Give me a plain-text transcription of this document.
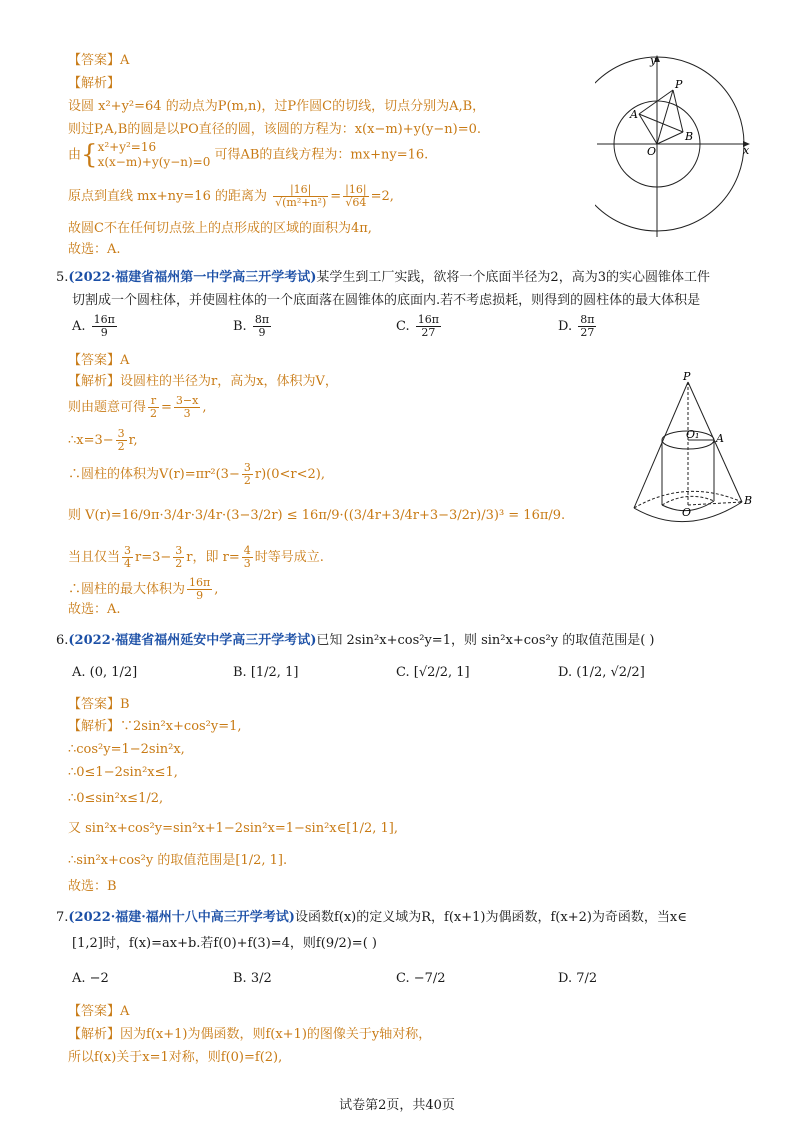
【答案】A
【解析】
设圆 x²+y²=64 的动点为P(m,n)，过P作圆C的切线，切点分别为A,B，
则过P,A,B的圆是以PO直径的圆，该圆的方程为：x(x−m)+y(y−n)=0.
由{ x²+y²=16
x(x−m)+y(y−n)=0 可得AB的直线方程为：mx+ny=16.
原点到直线 mx+ny=16 的距离为 $\frac{|16|}{\text{√(m²+n²)}} = \frac{|16|}{√64} =2$,
故圆C不在任何切点弦上的点形成的区域的面积为4π,
故选：A.
y
x
P
A
B
O
5.(2022·福建省福州第一中学高三开学考试)某学生到工厂实践，欲将一个底面半径为2，高为3的实心圆锥体工件
切割成一个圆柱体，并使圆柱体的一个底面落在圆锥体的底面内.若不考虑损耗，则得到的圆柱体的最大体积是
A. $\frac{16\pi}{9}$	B. $\frac{8\pi}{9}$	C. $\frac{16\pi}{27}$	D. $\frac{8\pi}{27}$
【答案】A
【解析】设圆柱的半径为r，高为x，体积为V，
则由题意可得 $\frac{r}{2} = \frac{3-x}{3}$ ,
∴x=3− $\frac{3}{2} r$,
∴圆柱的体积为$V(r)=\pi r^2(3- \frac{3}{2} r)(0<r<2)$,
则 V(r)=16/9π·3/4r·3/4r·(3−3/2r) ≤ 16π/9·((3/4r+3/4r+3−3/2r)/3)³ = 16π/9.
当且仅当 $\frac{3}{4} r=3- \frac{3}{2}$ r，即 $r= \frac{4}{3}$ 时等号成立.
∴圆柱的最大体积为 $\frac{16\pi}{9}$ ,
故选：A.
P
O₁ A
O
B
6.(2022·福建省福州延安中学高三开学考试)已知 2sin²x+cos²y=1，则 sin²x+cos²y 的取值范围是( )
A. (0, 1/2]	B. [1/2, 1]	C. [√2/2, 1]	D. (1/2, √2/2]
【答案】B
【解析】∵2sin²x+cos²y=1,
∴cos²y=1−2sin²x,
∴0≤1−2sin²x≤1,
∴0≤sin²x≤1/2,
又 sin²x+cos²y=sin²x+1−2sin²x=1−sin²x∈[1/2, 1],
∴sin²x+cos²y 的取值范围是[1/2, 1].
故选：B
7.(2022·福建·福州十八中高三开学考试)设函数f(x)的定义域为R，f(x+1)为偶函数，f(x+2)为奇函数，当x∈
[1,2]时，f(x)=ax+b.若f(0)+f(3)=4，则f(9/2)=( )
A. −2	B. 3/2	C. −7/2	D. 7/2
【答案】A
【解析】因为f(x+1)为偶函数，则f(x+1)的图像关于y轴对称，
所以f(x)关于x=1对称，则f(0)=f(2),
试卷第2页，共40页
